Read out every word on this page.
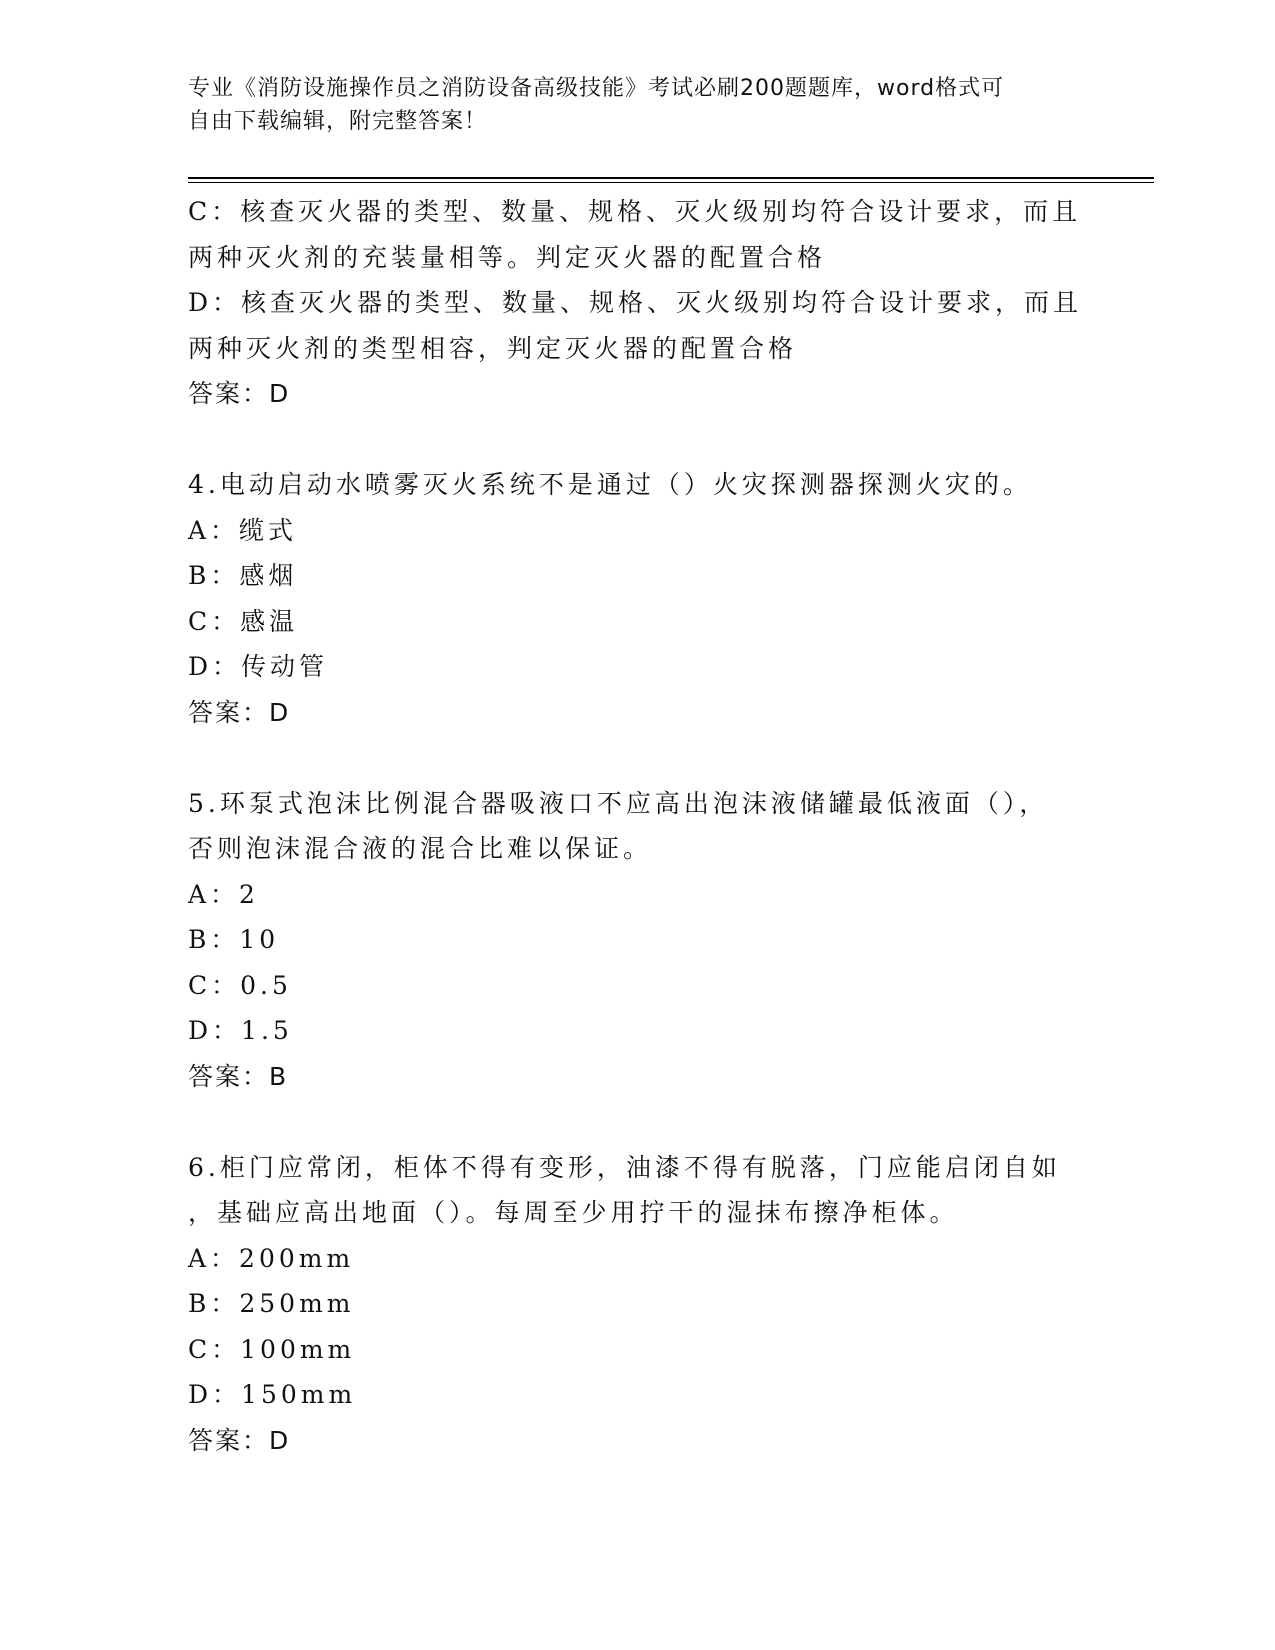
专业《消防设施操作员之消防设备高级技能》考试必刷200题题库，word格式可
自由下载编辑，附完整答案！
C：核查灭火器的类型、数量、规格、灭火级别均符合设计要求，而且
两种灭火剂的充装量相等。判定灭火器的配置合格
D：核查灭火器的类型、数量、规格、灭火级别均符合设计要求，而且
两种灭火剂的类型相容，判定灭火器的配置合格
答案：D
4.电动启动水喷雾灭火系统不是通过（）火灾探测器探测火灾的。
A：缆式
B：感烟
C：感温
D：传动管
答案：D
5.环泵式泡沫比例混合器吸液口不应高出泡沫液储罐最低液面（），
否则泡沫混合液的混合比难以保证。
A：2
B：10
C：0.5
D：1.5
答案：B
6.柜门应常闭，柜体不得有变形，油漆不得有脱落，门应能启闭自如
，基础应高出地面（）。每周至少用拧干的湿抹布擦净柜体。
A：200mm
B：250mm
C：100mm
D：150mm
答案：D
